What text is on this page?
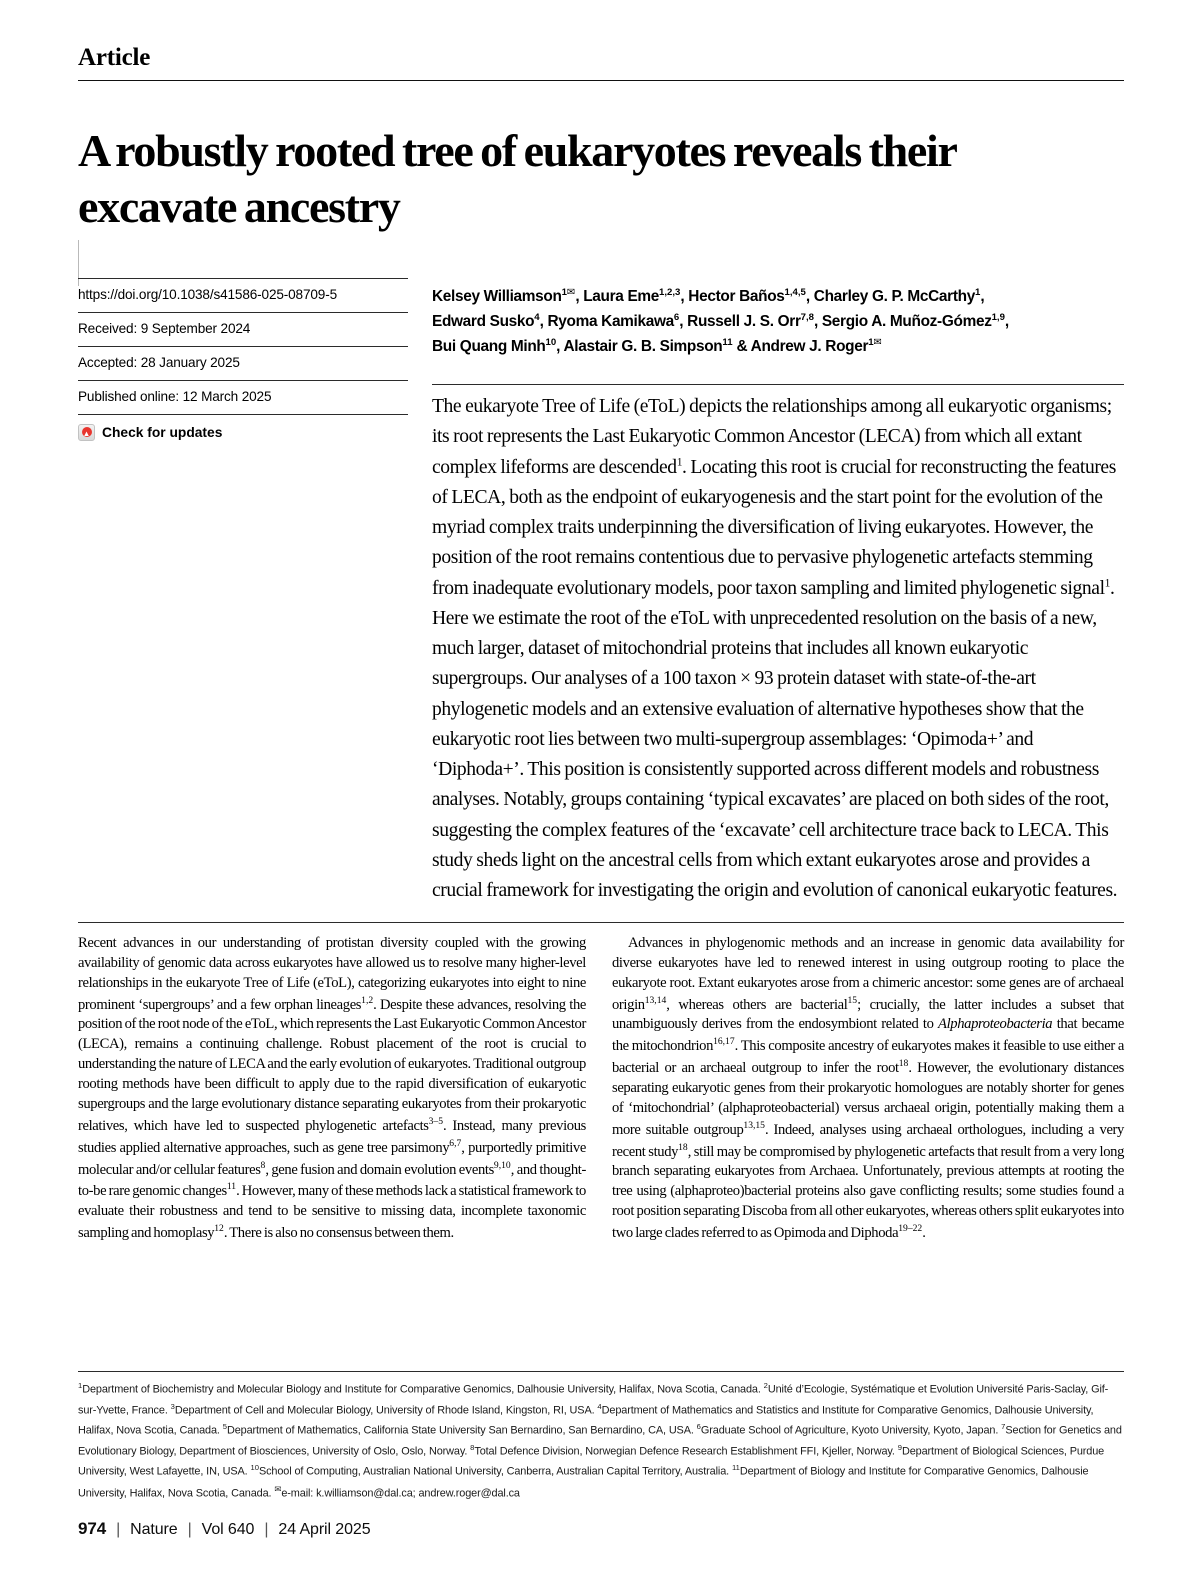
Article
A robustly rooted tree of eukaryotes reveals their excavate ancestry
https://doi.org/10.1038/s41586-025-08709-5
Received: 9 September 2024
Accepted: 28 January 2025
Published online: 12 March 2025
Check for updates
Kelsey Williamson$^{1✉}$, Laura Eme$^{1,2,3}$, Hector Baños$^{1,4,5}$, Charley G. P. McCarthy$^1$,
Edward Susko$^4$, Ryoma Kamikawa$^6$, Russell J. S. Orr$^{7,8}$, Sergio A. Muñoz-Gómez$^{1,9}$,
Bui Quang Minh$^{10}$, Alastair G. B. Simpson$^{11}$ & Andrew J. Roger$^{1✉}$
The eukaryote Tree of Life (eToL) depicts the relationships among all eukaryotic organisms; its root represents the Last Eukaryotic Common Ancestor (LECA) from which all extant complex lifeforms are descended$^1$. Locating this root is crucial for reconstructing the features of LECA, both as the endpoint of eukaryogenesis and the start point for the evolution of the myriad complex traits underpinning the diversification of living eukaryotes. However, the position of the root remains contentious due to pervasive phylogenetic artefacts stemming from inadequate evolutionary models, poor taxon sampling and limited phylogenetic signal$^1$. Here we estimate the root of the eToL with unprecedented resolution on the basis of a new, much larger, dataset of mitochondrial proteins that includes all known eukaryotic supergroups. Our analyses of a 100 taxon × 93 protein dataset with state-of-the-art phylogenetic models and an extensive evaluation of alternative hypotheses show that the eukaryotic root lies between two multi-supergroup assemblages: ‘Opimoda+’ and ‘Diphoda+’. This position is consistently supported across different models and robustness analyses. Notably, groups containing ‘typical excavates’ are placed on both sides of the root, suggesting the complex features of the ‘excavate’ cell architecture trace back to LECA. This study sheds light on the ancestral cells from which extant eukaryotes arose and provides a crucial framework for investigating the origin and evolution of canonical eukaryotic features.

Recent advances in our understanding of protistan diversity coupled with the growing availability of genomic data across eukaryotes have allowed us to resolve many higher-level relationships in the eukaryote Tree of Life (eToL), categorizing eukaryotes into eight to nine prominent ‘supergroups’ and a few orphan lineages$^{1,2}$. Despite these advances, resolving the position of the root node of the eToL, which represents the Last Eukaryotic Common Ancestor (LECA), remains a continuing challenge. Robust placement of the root is crucial to understanding the nature of LECA and the early evolution of eukaryotes. Traditional outgroup rooting methods have been difficult to apply due to the rapid diversification of eukaryotic supergroups and the large evolutionary distance separating eukaryotes from their prokaryotic relatives, which have led to suspected phylogenetic artefacts$^{3-5}$. Instead, many previous studies applied alternative approaches, such as gene tree parsimony$^{6,7}$, purportedly primitive molecular and/or cellular features$^8$, gene fusion and domain evolution events$^{9,10}$, and thought-to-be rare genomic changes$^{11}$. However, many of these methods lack a statistical framework to evaluate their robustness and tend to be sensitive to missing data, incomplete taxonomic sampling and homoplasy$^{12}$. There is also no consensus between them.

Advances in phylogenomic methods and an increase in genomic data availability for diverse eukaryotes have led to renewed interest in using outgroup rooting to place the eukaryote root. Extant eukaryotes arose from a chimeric ancestor: some genes are of archaeal origin$^{13,14}$, whereas others are bacterial$^{15}$; crucially, the latter includes a subset that unambiguously derives from the endosymbiont related to Alphaproteobacteria that became the mitochondrion$^{16,17}$. This composite ancestry of eukaryotes makes it feasible to use either a bacterial or an archaeal outgroup to infer the root$^{18}$. However, the evolutionary distances separating eukaryotic genes from their prokaryotic homologues are notably shorter for genes of ‘mitochondrial’ (alphaproteobacterial) versus archaeal origin, potentially making them a more suitable outgroup$^{13,15}$. Indeed, analyses using archaeal orthologues, including a very recent study$^{18}$, still may be compromised by phylogenetic artefacts that result from a very long branch separating eukaryotes from Archaea. Unfortunately, previous attempts at rooting the tree using (alphaproteo)bacterial proteins also gave conflicting results; some studies found a root position separating Discoba from all other eukaryotes, whereas others split eukaryotes into two large clades referred to as Opimoda and Diphoda$^{19-22}$.

$^1$Department of Biochemistry and Molecular Biology and Institute for Comparative Genomics, Dalhousie University, Halifax, Nova Scotia, Canada. $^2$Unité d’Ecologie, Systématique et Evolution Université Paris-Saclay, Gif-sur-Yvette, France. $^3$Department of Cell and Molecular Biology, University of Rhode Island, Kingston, RI, USA. $^4$Department of Mathematics and Statistics and Institute for Comparative Genomics, Dalhousie University, Halifax, Nova Scotia, Canada. $^5$Department of Mathematics, California State University San Bernardino, San Bernardino, CA, USA. $^6$Graduate School of Agriculture, Kyoto University, Kyoto, Japan. $^7$Section for Genetics and Evolutionary Biology, Department of Biosciences, University of Oslo, Oslo, Norway. $^8$Total Defence Division, Norwegian Defence Research Establishment FFI, Kjeller, Norway. $^9$Department of Biological Sciences, Purdue University, West Lafayette, IN, USA. $^{10}$School of Computing, Australian National University, Canberra, Australian Capital Territory, Australia. $^{11}$Department of Biology and Institute for Comparative Genomics, Dalhousie University, Halifax, Nova Scotia, Canada. ✉e-mail: k.williamson@dal.ca; andrew.roger@dal.ca
974 | Nature | Vol 640 | 24 April 2025
